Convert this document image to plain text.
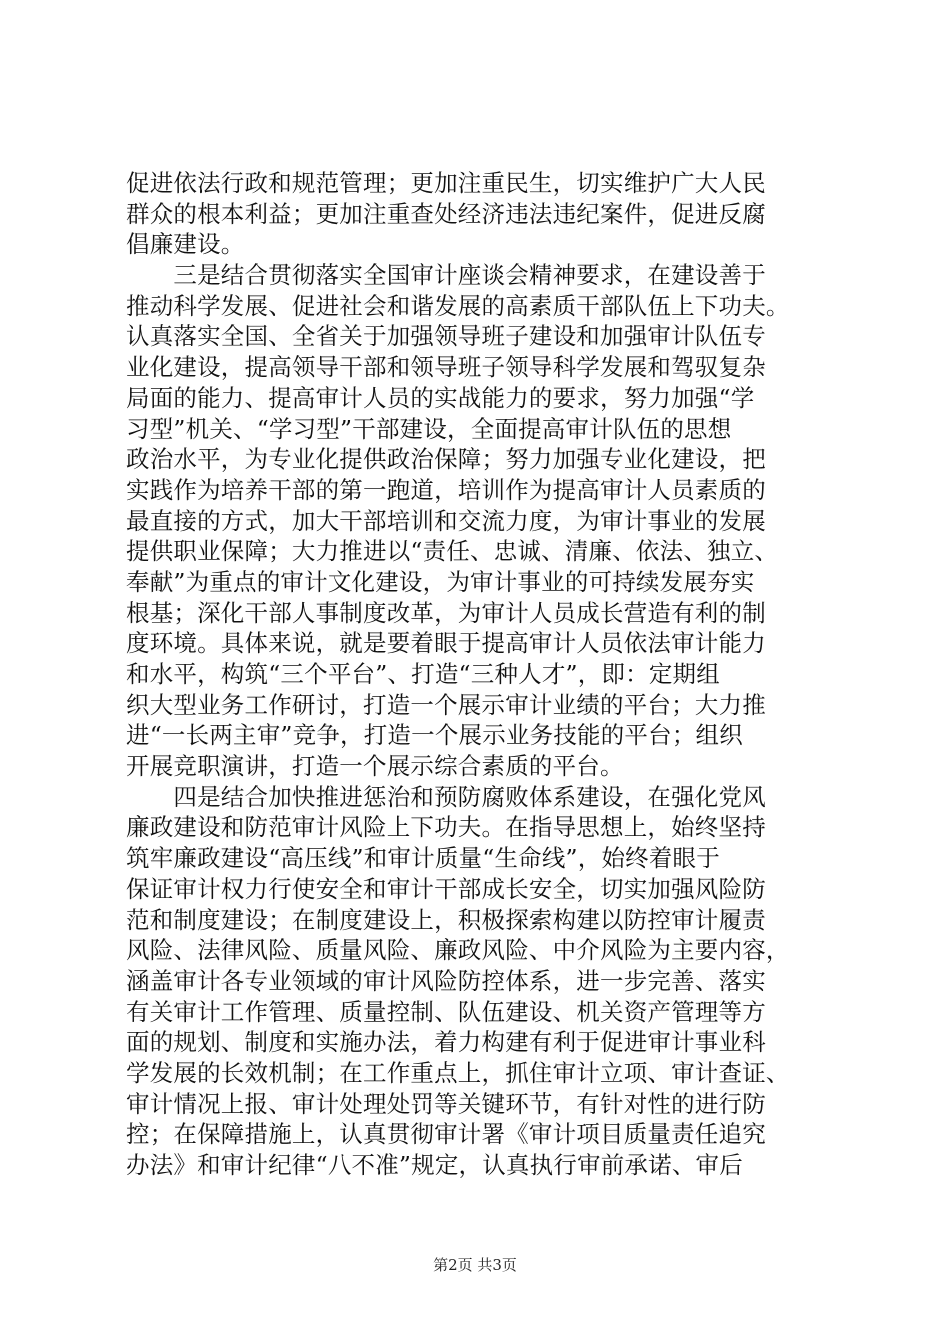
促进依法行政和规范管理；更加注重民生，切实维护广大人民
群众的根本利益；更加注重查处经济违法违纪案件，促进反腐
倡廉建设。
　　三是结合贯彻落实全国审计座谈会精神要求，在建设善于
推动科学发展、促进社会和谐发展的高素质干部队伍上下功夫。
认真落实全国、全省关于加强领导班子建设和加强审计队伍专
业化建设，提高领导干部和领导班子领导科学发展和驾驭复杂
局面的能力、提高审计人员的实战能力的要求，努力加强“学
习型”机关、“学习型”干部建设，全面提高审计队伍的思想
政治水平，为专业化提供政治保障；努力加强专业化建设，把
实践作为培养干部的第一跑道，培训作为提高审计人员素质的
最直接的方式，加大干部培训和交流力度，为审计事业的发展
提供职业保障；大力推进以“责任、忠诚、清廉、依法、独立、
奉献”为重点的审计文化建设，为审计事业的可持续发展夯实
根基；深化干部人事制度改革，为审计人员成长营造有利的制
度环境。具体来说，就是要着眼于提高审计人员依法审计能力
和水平，构筑“三个平台”、打造“三种人才”，即：定期组
织大型业务工作研讨，打造一个展示审计业绩的平台；大力推
进“一长两主审”竞争，打造一个展示业务技能的平台；组织
开展竞职演讲，打造一个展示综合素质的平台。
　　四是结合加快推进惩治和预防腐败体系建设，在强化党风
廉政建设和防范审计风险上下功夫。在指导思想上，始终坚持
筑牢廉政建设“高压线”和审计质量“生命线”，始终着眼于
保证审计权力行使安全和审计干部成长安全，切实加强风险防
范和制度建设；在制度建设上，积极探索构建以防控审计履责
风险、法律风险、质量风险、廉政风险、中介风险为主要内容，
涵盖审计各专业领域的审计风险防控体系，进一步完善、落实
有关审计工作管理、质量控制、队伍建设、机关资产管理等方
面的规划、制度和实施办法，着力构建有利于促进审计事业科
学发展的长效机制；在工作重点上，抓住审计立项、审计查证、
审计情况上报、审计处理处罚等关键环节，有针对性的进行防
控；在保障措施上，认真贯彻审计署《审计项目质量责任追究
办法》和审计纪律“八不准”规定，认真执行审前承诺、审后
第2页 共3页
